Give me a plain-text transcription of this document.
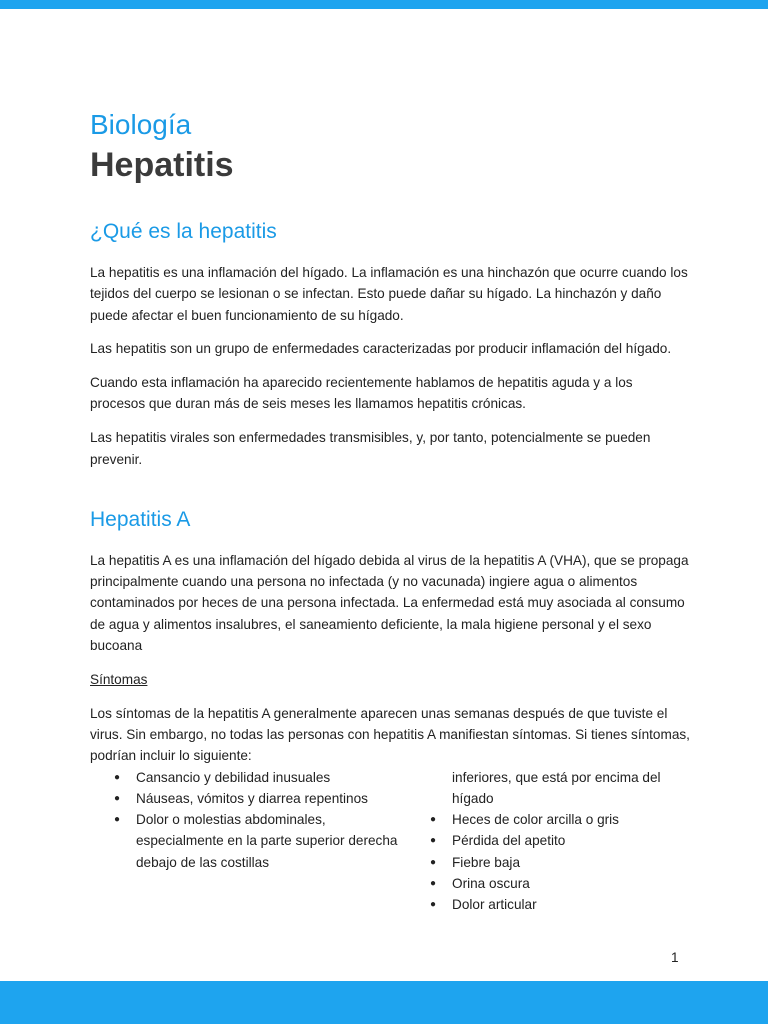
Biología
Hepatitis
¿Qué es la hepatitis

La hepatitis es una inflamación del hígado. La inflamación es una hinchazón que ocurre cuando los tejidos del cuerpo se lesionan o se infectan. Esto puede dañar su hígado. La hinchazón y daño puede afectar el buen funcionamiento de su hígado.

Las hepatitis son un grupo de enfermedades caracterizadas por producir inflamación del hígado.

Cuando esta inflamación ha aparecido recientemente hablamos de hepatitis aguda y a los procesos que duran más de seis meses les llamamos hepatitis crónicas.

Las hepatitis virales son enfermedades transmisibles, y, por tanto, potencialmente se pueden prevenir.

Hepatitis A

La hepatitis A es una inflamación del hígado debida al virus de la hepatitis A (VHA), que se propaga principalmente cuando una persona no infectada (y no vacunada) ingiere agua o alimentos contaminados por heces de una persona infectada. La enfermedad está muy asociada al consumo de agua y alimentos insalubres, el saneamiento deficiente, la mala higiene personal y el sexo bucoana

Síntomas
Los síntomas de la hepatitis A generalmente aparecen unas semanas después de que tuviste el virus. Sin embargo, no todas las personas con hepatitis A manifiestan síntomas. Si tienes síntomas, podrían incluir lo siguiente:
● Cansancio y debilidad inusuales
● Náuseas, vómitos y diarrea repentinos
● Dolor o molestias abdominales, especialmente en la parte superior derecha debajo de las costillas
inferiores, que está por encima del hígado
● Heces de color arcilla o gris
● Pérdida del apetito
● Fiebre baja
● Orina oscura
● Dolor articular
1
